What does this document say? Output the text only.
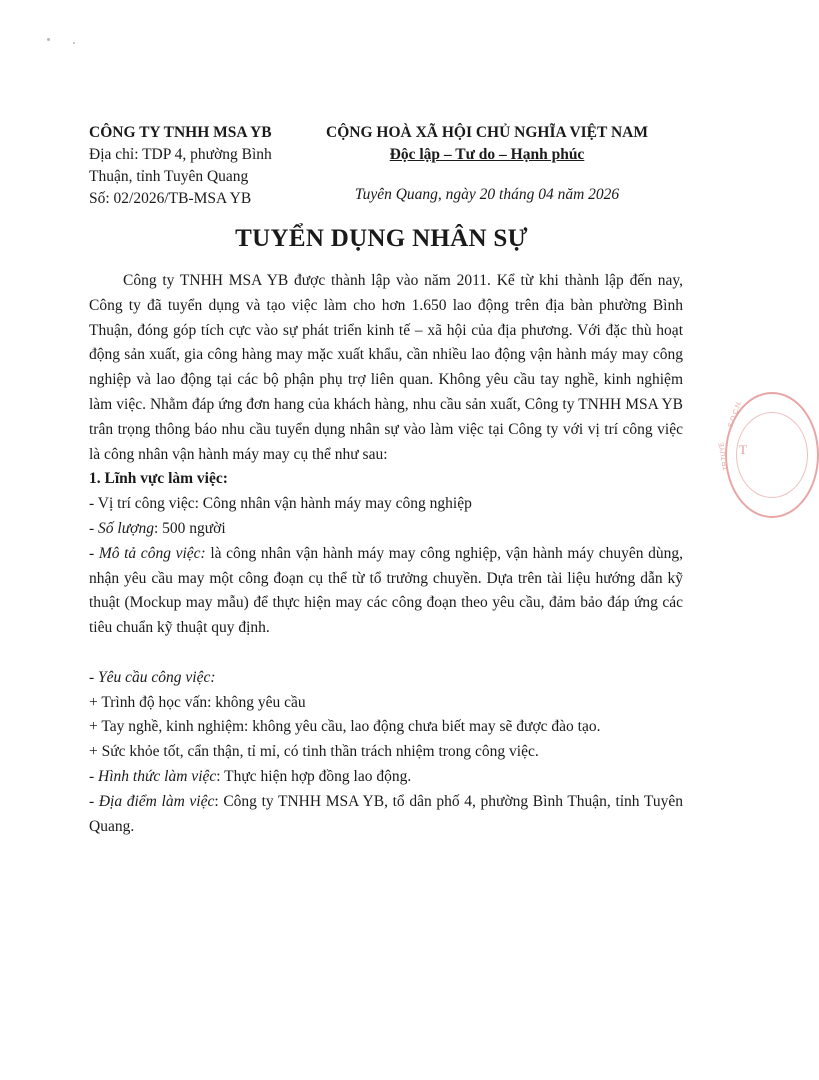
CÔNG TY TNHH MSA YB
Địa chỉ: TDP 4, phường Bình
Thuận, tỉnh Tuyên Quang
Số: 02/2026/TB-MSA YB
CỘNG HOÀ XÃ HỘI CHỦ NGHĨA VIỆT NAM
Độc lập – Tư do – Hạnh phúc
Tuyên Quang, ngày 20 tháng 04 năm 2026
TUYỂN DỤNG NHÂN SỰ

Công ty TNHH MSA YB được thành lập vào năm 2011. Kể từ khi thành lập đến nay, Công ty đã tuyển dụng và tạo việc làm cho hơn 1.650 lao động trên địa bàn phường Bình Thuận, đóng góp tích cực vào sự phát triển kinh tế – xã hội của địa phương. Với đặc thù hoạt động sản xuất, gia công hàng may mặc xuất khẩu, cần nhiều lao động vận hành máy may công nghiệp và lao động tại các bộ phận phụ trợ liên quan. Không yêu cầu tay nghề, kinh nghiệm làm việc. Nhằm đáp ứng đơn hang của khách hàng, nhu cầu sản xuất, Công ty TNHH MSA YB trân trọng thông báo nhu cầu tuyển dụng nhân sự vào làm việc tại Công ty với vị trí công việc là công nhân vận hành máy may cụ thể như sau:

1. Lĩnh vực làm việc:

- Vị trí công việc: Công nhân vận hành máy may công nghiệp

- Số lượng: 500 người

- Mô tả công việc: là công nhân vận hành máy may công nghiệp, vận hành máy chuyên dùng, nhận yêu cầu may một công đoạn cụ thể từ tổ trưởng chuyền. Dựa trên tài liệu hướng dẫn kỹ thuật (Mockup may mẫu) để thực hiện may các công đoạn theo yêu cầu, đảm bảo đáp ứng các tiêu chuẩn kỹ thuật quy định.

- Yêu cầu công việc:

+ Trình độ học vấn: không yêu cầu

+ Tay nghề, kinh nghiệm: không yêu cầu, lao động chưa biết may sẽ được đào tạo.

+ Sức khỏe tốt, cẩn thận, tỉ mỉ, có tinh thần trách nhiệm trong công việc.

- Hình thức làm việc: Thực hiện hợp đồng lao động.

- Địa điểm làm việc: Công ty TNHH MSA YB, tổ dân phố 4, phường Bình Thuận, tỉnh Tuyên Quang.

T
S.O.C.N.
TP.TUYE
